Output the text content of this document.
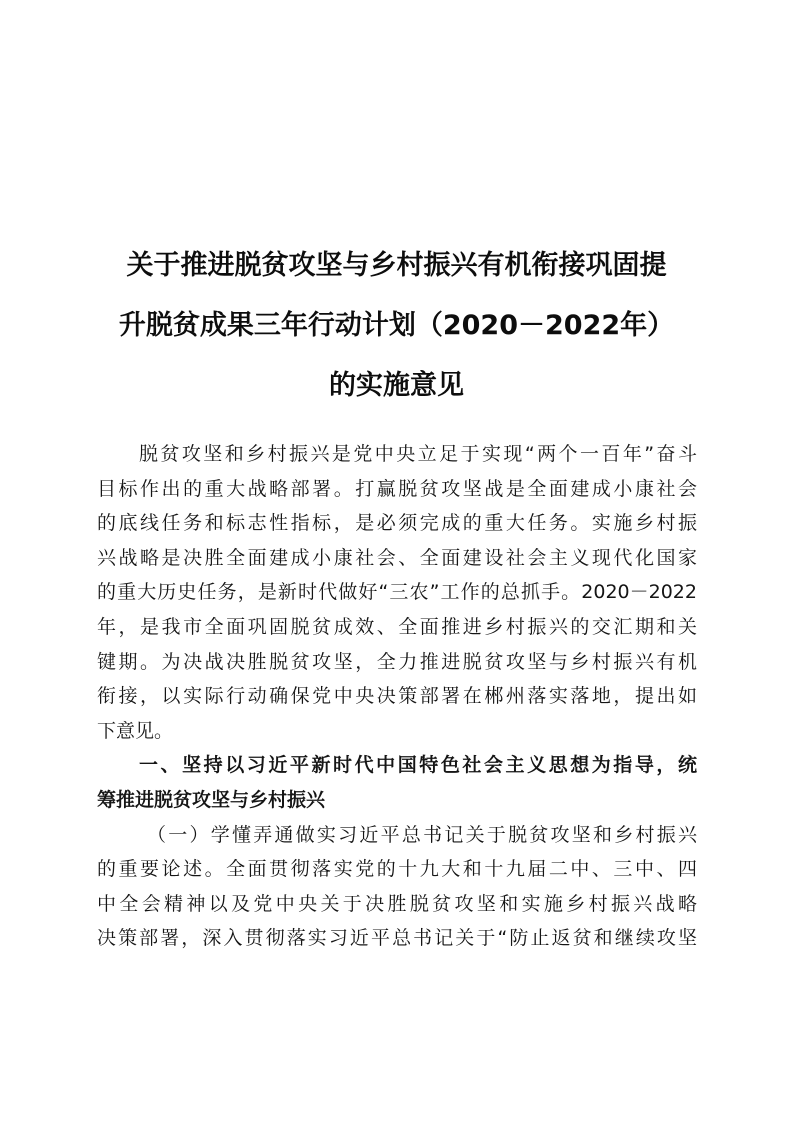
关于推进脱贫攻坚与乡村振兴有机衔接巩固提
升脱贫成果三年行动计划（2020－2022年）
的实施意见
脱贫攻坚和乡村振兴是党中央立足于实现“两个一百年”奋斗
目标作出的重大战略部署。打赢脱贫攻坚战是全面建成小康社会
的底线任务和标志性指标，是必须完成的重大任务。实施乡村振
兴战略是决胜全面建成小康社会、全面建设社会主义现代化国家
的重大历史任务，是新时代做好“三农”工作的总抓手。2020－2022
年，是我市全面巩固脱贫成效、全面推进乡村振兴的交汇期和关
键期。为决战决胜脱贫攻坚，全力推进脱贫攻坚与乡村振兴有机
衔接，以实际行动确保党中央决策部署在郴州落实落地，提出如
下意见。
一、坚持以习近平新时代中国特色社会主义思想为指导，统
筹推进脱贫攻坚与乡村振兴
（一）学懂弄通做实习近平总书记关于脱贫攻坚和乡村振兴
的重要论述。全面贯彻落实党的十九大和十九届二中、三中、四
中全会精神以及党中央关于决胜脱贫攻坚和实施乡村振兴战略
决策部署，深入贯彻落实习近平总书记关于“防止返贫和继续攻坚
